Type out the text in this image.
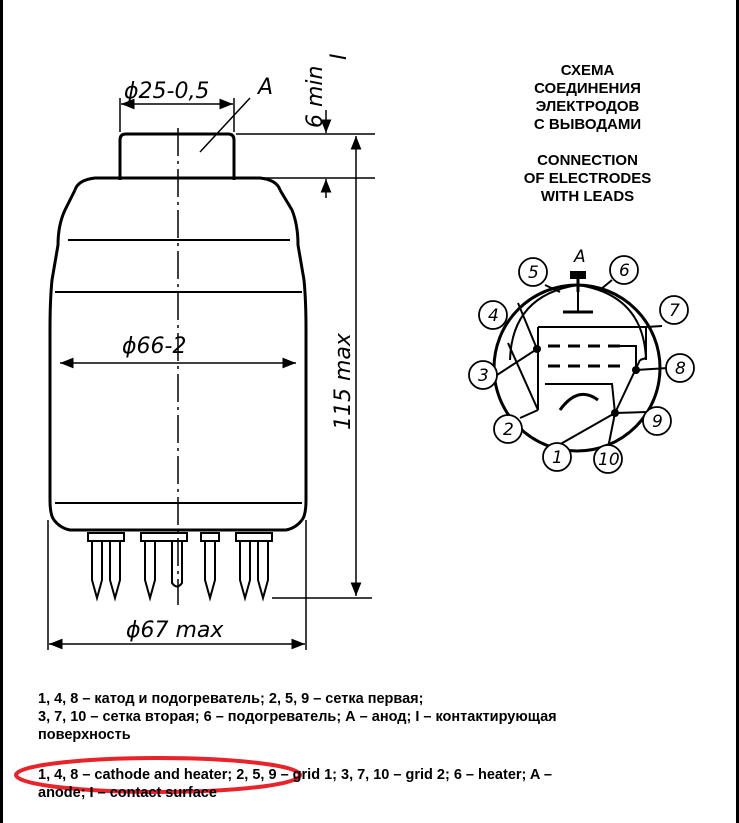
ϕ25-0,5 A
ϕ66-2
ϕ67 max
6 min
I
115 max
A
1
2
3
4
5	6
7
8
9
10
СХЕМА
СОЕДИНЕНИЯ
ЭЛЕКТРОДОВ
С ВЫВОДАМИ
CONNECTION
OF ELECTRODES
WITH LEADS
1, 4, 8 – катод и подогреватель; 2, 5, 9 – сетка первая;
3, 7, 10 – сетка вторая; 6 – подогреватель; А – анод; I – контактирующая
поверхность
1, 4, 8 – cathode and heater; 2, 5, 9 – grid 1; 3, 7, 10 – grid 2; 6 – heater; A –
anode; I – contact surface
